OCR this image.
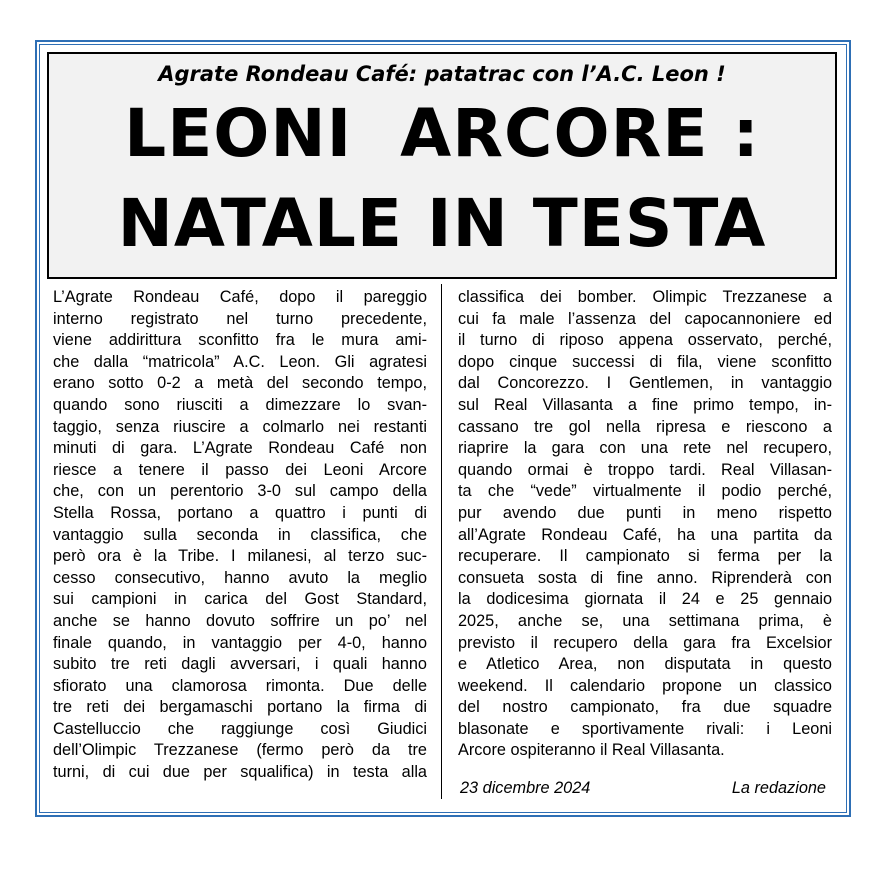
Agrate Rondeau Café: patatrac con l’A.C. Leon !
LEONI  ARCORE :
NATALE IN TESTA
L’Agrate Rondeau Café, dopo il pareggio
interno registrato nel turno precedente,
viene addirittura sconfitto fra le mura ami-
che dalla “matricola” A.C. Leon. Gli agratesi
erano sotto 0-2 a metà del secondo tempo,
quando sono riusciti a dimezzare lo svan-
taggio, senza riuscire a colmarlo nei restanti
minuti di gara. L’Agrate Rondeau Café non
riesce a tenere il passo dei Leoni Arcore
che, con un perentorio 3-0 sul campo della
Stella Rossa, portano a quattro i punti di
vantaggio sulla seconda in classifica, che
però ora è la Tribe. I milanesi, al terzo suc-
cesso consecutivo, hanno avuto la meglio
sui campioni in carica del Gost Standard,
anche se hanno dovuto soffrire un po’ nel
finale quando, in vantaggio per 4-0, hanno
subito tre reti dagli avversari, i quali hanno
sfiorato una clamorosa rimonta. Due delle
tre reti dei bergamaschi portano la firma di
Castelluccio che raggiunge così Giudici
dell’Olimpic Trezzanese (fermo però da tre
turni, di cui due per squalifica) in testa alla
classifica dei bomber. Olimpic Trezzanese a
cui fa male l’assenza del capocannoniere ed
il turno di riposo appena osservato, perché,
dopo cinque successi di fila, viene sconfitto
dal Concorezzo. I Gentlemen, in vantaggio
sul Real Villasanta a fine primo tempo, in-
cassano tre gol nella ripresa e riescono a
riaprire la gara con una rete nel recupero,
quando ormai è troppo tardi. Real Villasan-
ta che “vede” virtualmente il podio perché,
pur avendo due punti in meno rispetto
all’Agrate Rondeau Café, ha una partita da
recuperare. Il campionato si ferma per la
consueta sosta di fine anno. Riprenderà con
la dodicesima giornata il 24 e 25 gennaio
2025, anche se, una settimana prima, è
previsto il recupero della gara fra Excelsior
e Atletico Area, non disputata in questo
weekend. Il calendario propone un classico
del nostro campionato, fra due squadre
blasonate e sportivamente rivali: i Leoni
Arcore ospiteranno il Real Villasanta.
23 dicembre 2024	La redazione
